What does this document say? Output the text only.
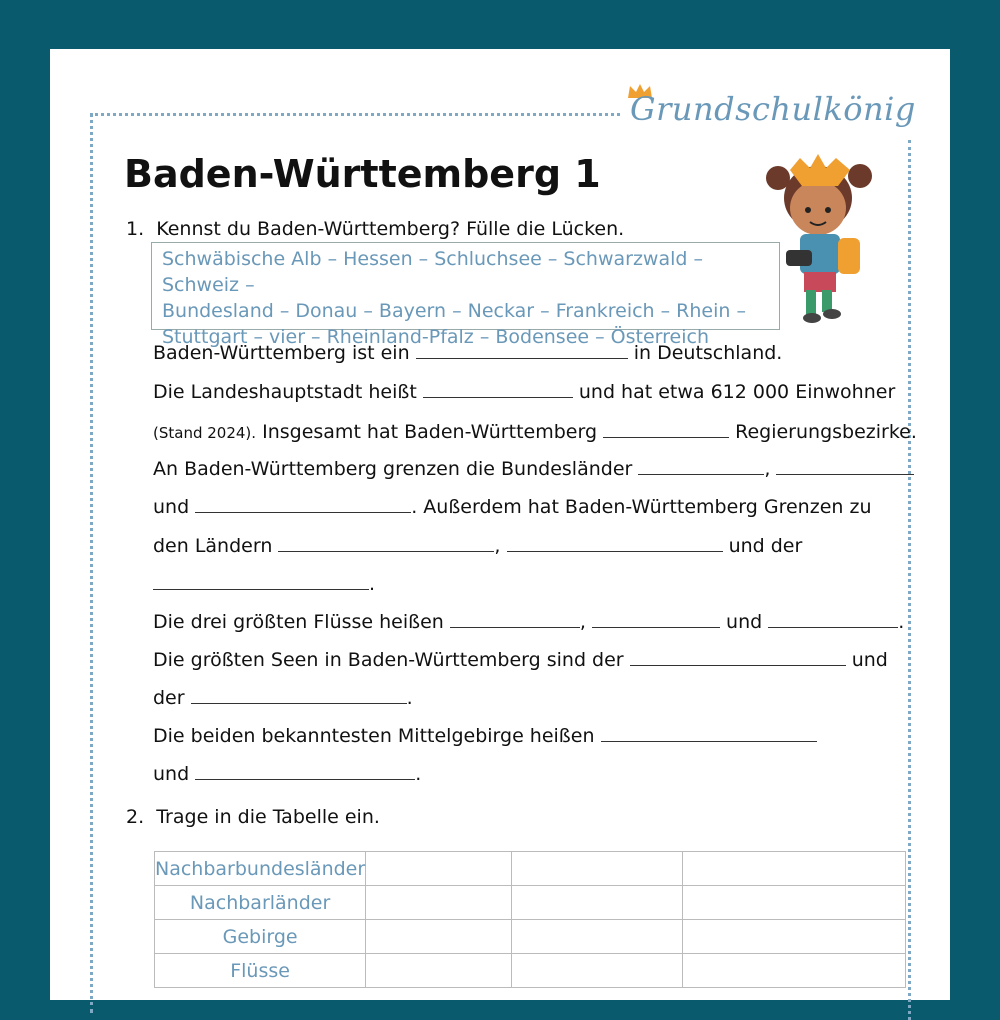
Grundschulkönig
Baden-Württemberg 1
1. Kennst du Baden-Württemberg? Fülle die Lücken.
Schwäbische Alb – Hessen – Schluchsee – Schwarzwald – Schweiz –
Bundesland – Donau – Bayern – Neckar – Frankreich – Rhein –
Stuttgart – vier – Rheinland-Pfalz – Bodensee – Österreich
Baden-Württemberg ist ein	in Deutschland.
Die Landeshauptstadt heißt	und hat etwa 612 000 Einwohner
(Stand 2024). Insgesamt hat Baden-Württemberg	Regierungsbezirke.
An Baden-Württemberg grenzen die Bundesländer	,
und	. Außerdem hat Baden-Württemberg Grenzen zu
den Ländern	,	und der
.
Die drei größten Flüsse heißen	,	und	.
Die größten Seen in Baden-Württemberg sind der	und
der	.
Die beiden bekanntesten Mittelgebirge heißen
und	.
2. Trage in die Tabelle ein.
Nachbarbundesländer			
Nachbarländer			
Gebirge			
Flüsse			
